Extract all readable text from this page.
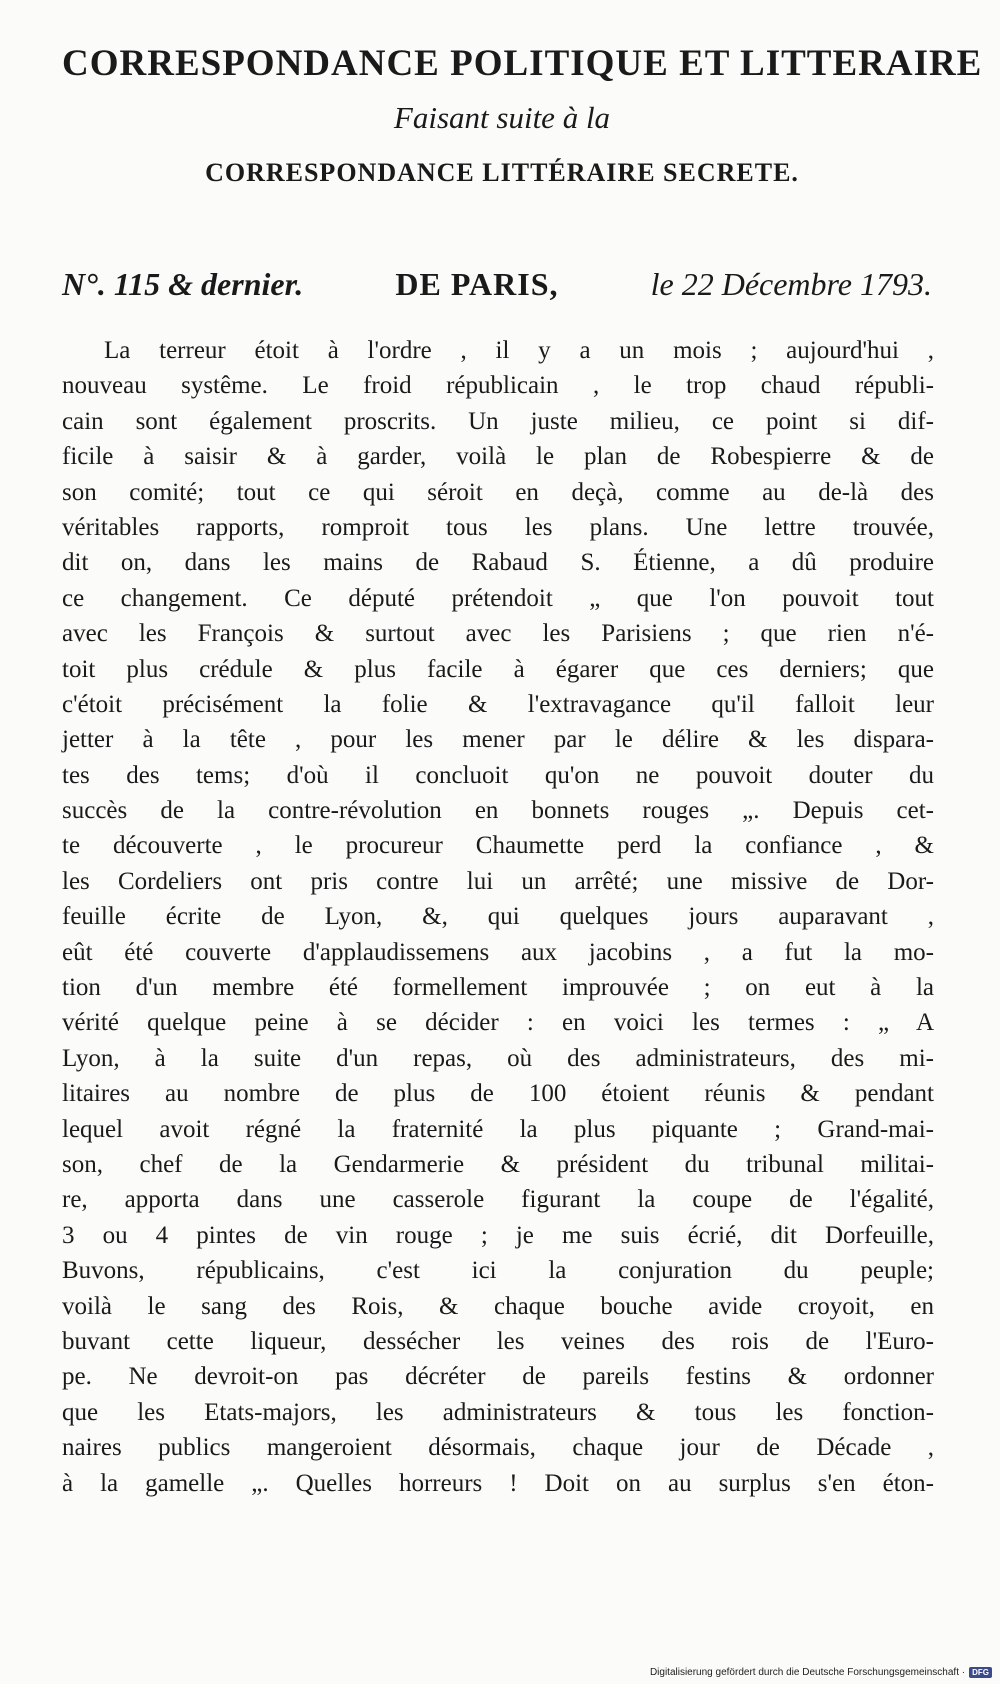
CORRESPONDANCE POLITIQUE ET LITTERAIRE
Faisant suite à la
CORRESPONDANCE LITTÉRAIRE SECRETE.
N°. 115 & dernier.	DE PARIS,	le 22 Décembre 1793.
La terreur étoit à l'ordre , il y a un mois ; aujourd'hui ,
nouveau systême. Le froid républicain , le trop chaud républi-
cain sont également proscrits. Un juste milieu, ce point si dif-
ficile à saisir & à garder, voilà le plan de Robespierre & de
son comité; tout ce qui séroit en deçà, comme au de-là des
véritables rapports, romproit tous les plans. Une lettre trouvée,
dit on, dans les mains de Rabaud S. Étienne, a dû produire
ce changement. Ce député prétendoit „ que l'on pouvoit tout
avec les François & surtout avec les Parisiens ; que rien n'é-
toit plus crédule & plus facile à égarer que ces derniers; que
c'étoit précisément la folie & l'extravagance qu'il falloit leur
jetter à la tête , pour les mener par le délire & les dispara-
tes des tems; d'où il concluoit qu'on ne pouvoit douter du
succès de la contre-révolution en bonnets rouges „. Depuis cet-
te découverte , le procureur Chaumette perd la confiance , &
les Cordeliers ont pris contre lui un arrêté; une missive de Dor-
feuille écrite de Lyon, &, qui quelques jours auparavant ,
eût été couverte d'applaudissemens aux jacobins , a fut la mo-
tion d'un membre été formellement improuvée ; on eut à la
vérité quelque peine à se décider : en voici les termes : „ A
Lyon, à la suite d'un repas, où des administrateurs, des mi-
litaires au nombre de plus de 100 étoient réunis & pendant
lequel avoit régné la fraternité la plus piquante ; Grand-mai-
son, chef de la Gendarmerie & président du tribunal militai-
re, apporta dans une casserole figurant la coupe de l'égalité,
3 ou 4 pintes de vin rouge ; je me suis écrié, dit Dorfeuille,
Buvons, républicains, c'est ici la conjuration du peuple;
voilà le sang des Rois, & chaque bouche avide croyoit, en
buvant cette liqueur, dessécher les veines des rois de l'Euro-
pe. Ne devroit-on pas décréter de pareils festins & ordonner
que les Etats-majors, les administrateurs & tous les fonction-
naires publics mangeroient désormais, chaque jour de Décade ,
à la gamelle „. Quelles horreurs ! Doit on au surplus s'en éton-
Digitalisierung gefördert durch die Deutsche Forschungsgemeinschaft · DFG
